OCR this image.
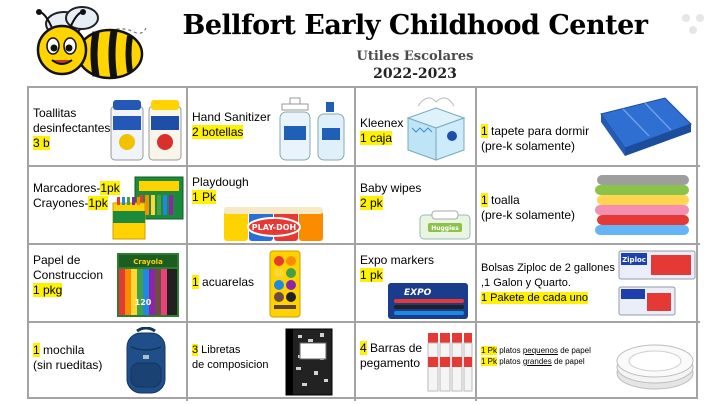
Bellfort Early Childhood Center
Utiles Escolares
2022-2023
Toallitas
desinfectantes
3 b
Hand Sanitizer
2 botellas
Kleenex
1 caja	1 tapete para dormir
(pre-k solamente)
Marcadores-1pk
Crayones-1pk
Playdough
1 Pk
PLAY-DOH
Baby wipes
2 pk
Huggies
1 toalla
(pre-k solamente)
Papel de
Construccion
1 pkg
Crayola
120
1 acuarelas
Expo markers
1 pk
EXPO
Bolsas Ziploc de 2 gallones
,1 Galon y Quarto.
1 Pakete de cada uno
Ziploc
1 mochila
(sin rueditas)
3 Libretas
de composicion
4 Barras de
pegamento
1 Pk platos pequenos de papel
1 Pk platos grandes de papel
